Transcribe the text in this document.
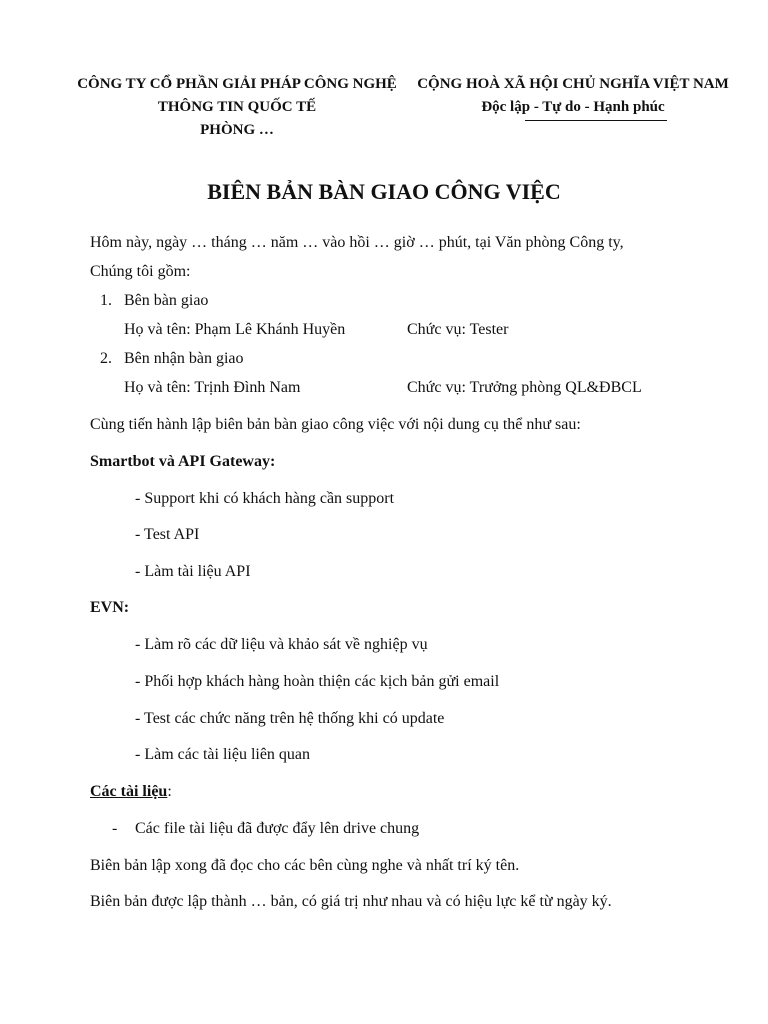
CÔNG TY CỔ PHẦN GIẢI PHÁP CÔNG NGHỆ
THÔNG TIN QUỐC TẾ
PHÒNG …
CỘNG HOÀ XÃ HỘI CHỦ NGHĨA VIỆT NAM
Độc lập - Tự do - Hạnh phúc
BIÊN BẢN BÀN GIAO CÔNG VIỆC
Hôm này, ngày … tháng … năm … vào hồi … giờ … phút, tại Văn phòng Công ty,
Chúng tôi gồm:
1. Bên bàn giao
Họ và tên: Phạm Lê Khánh Huyền	Chức vụ: Tester
2. Bên nhận bàn giao
Họ và tên: Trịnh Đình Nam	Chức vụ: Trưởng phòng QL&ĐBCL
Cùng tiến hành lập biên bản bàn giao công việc với nội dung cụ thể như sau:
Smartbot và API Gateway:
- Support khi có khách hàng cần support
- Test API
- Làm tài liệu API
EVN:
- Làm rõ các dữ liệu và khảo sát về nghiệp vụ
- Phối hợp khách hàng hoàn thiện các kịch bản gửi email
- Test các chức năng trên hệ thống khi có update
- Làm các tài liệu liên quan
Các tài liệu:
- Các file tài liệu đã được đẩy lên drive chung
Biên bản lập xong đã đọc cho các bên cùng nghe và nhất trí ký tên.
Biên bản được lập thành … bản, có giá trị như nhau và có hiệu lực kể từ ngày ký.
